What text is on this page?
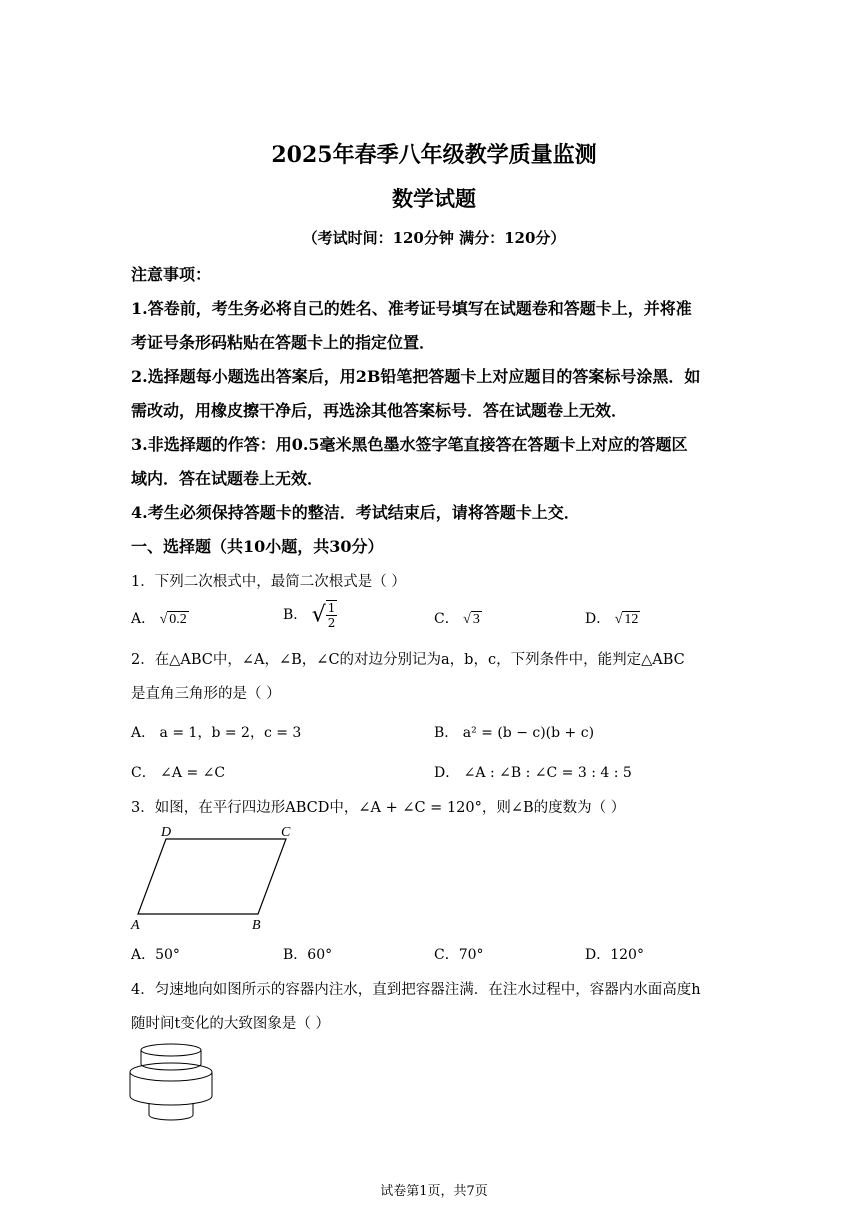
2025年春季八年级教学质量监测
数学试题
（考试时间：120分钟 满分：120分）
注意事项：
1.答卷前，考生务必将自己的姓名、准考证号填写在试题卷和答题卡上，并将准
考证号条形码粘贴在答题卡上的指定位置．
2.选择题每小题选出答案后，用2B铅笔把答题卡上对应题目的答案标号涂黑．如
需改动，用橡皮擦干净后，再选涂其他答案标号．答在试题卷上无效．
3.非选择题的作答：用0.5毫米黑色墨水签字笔直接答在答题卡上对应的答题区
域内．答在试题卷上无效．
4.考生必须保持答题卡的整洁．考试结束后，请将答题卡上交．
一、选择题（共10小题，共30分）
1．下列二次根式中，最简二次根式是（ ）
A． √ 0.2	B． √ $\frac{1}{2}$	C． √ 3	D． √ 12
2．在△ABC中，∠A，∠B，∠C的对边分别记为a，b，c，下列条件中，能判定△ABC
是直角三角形的是（ ）
A． a = 1，b = 2，c = 3	B． a² = (b − c)(b + c)
C． ∠A = ∠C	D． ∠A : ∠B : ∠C = 3 : 4 : 5
3．如图，在平行四边形ABCD中，∠A + ∠C = 120°，则∠B的度数为（ ）
D	C
A	B
A．50°	B．60°	C．70°	D．120°
4．匀速地向如图所示的容器内注水，直到把容器注满．在注水过程中，容器内水面高度h
随时间t变化的大致图象是（ ）
试卷第1页，共7页
